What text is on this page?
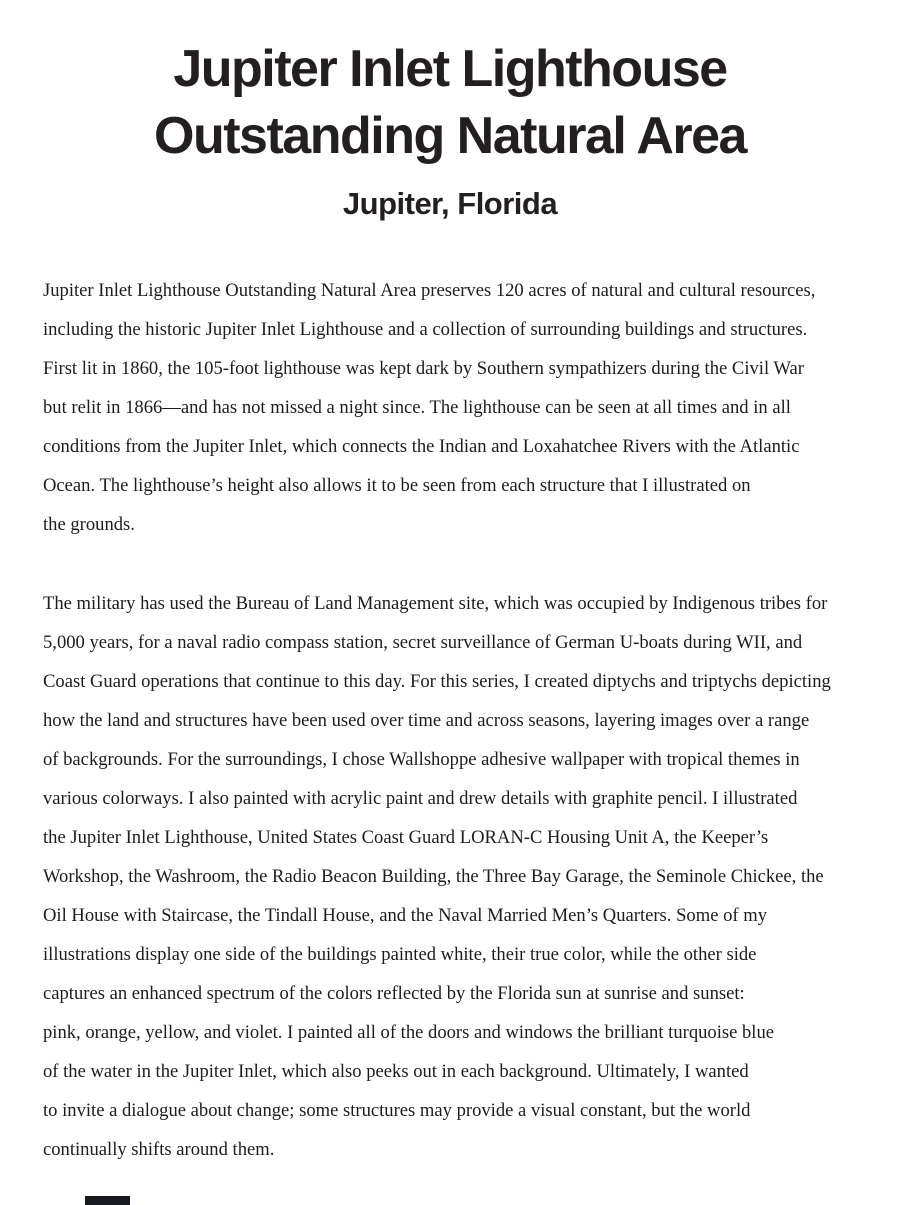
Jupiter Inlet Lighthouse
Outstanding Natural Area
Jupiter, Florida
Jupiter Inlet Lighthouse Outstanding Natural Area preserves 120 acres of natural and cultural resources,
including the historic Jupiter Inlet Lighthouse and a collection of surrounding buildings and structures.
First lit in 1860, the 105-foot lighthouse was kept dark by Southern sympathizers during the Civil War
but relit in 1866—and has not missed a night since. The lighthouse can be seen at all times and in all
conditions from the Jupiter Inlet, which connects the Indian and Loxahatchee Rivers with the Atlantic
Ocean. The lighthouse’s height also allows it to be seen from each structure that I illustrated on
the grounds.
The military has used the Bureau of Land Management site, which was occupied by Indigenous tribes for
5,000 years, for a naval radio compass station, secret surveillance of German U-boats during WII, and
Coast Guard operations that continue to this day. For this series, I created diptychs and triptychs depicting
how the land and structures have been used over time and across seasons, layering images over a range
of backgrounds. For the surroundings, I chose Wallshoppe adhesive wallpaper with tropical themes in
various colorways. I also painted with acrylic paint and drew details with graphite pencil. I illustrated
the Jupiter Inlet Lighthouse, United States Coast Guard LORAN-C Housing Unit A, the Keeper’s
Workshop, the Washroom, the Radio Beacon Building, the Three Bay Garage, the Seminole Chickee, the
Oil House with Staircase, the Tindall House, and the Naval Married Men’s Quarters. Some of my
illustrations display one side of the buildings painted white, their true color, while the other side
captures an enhanced spectrum of the colors reflected by the Florida sun at sunrise and sunset:
pink, orange, yellow, and violet. I painted all of the doors and windows the brilliant turquoise blue
of the water in the Jupiter Inlet, which also peeks out in each background. Ultimately, I wanted
to invite a dialogue about change; some structures may provide a visual constant, but the world
continually shifts around them.
